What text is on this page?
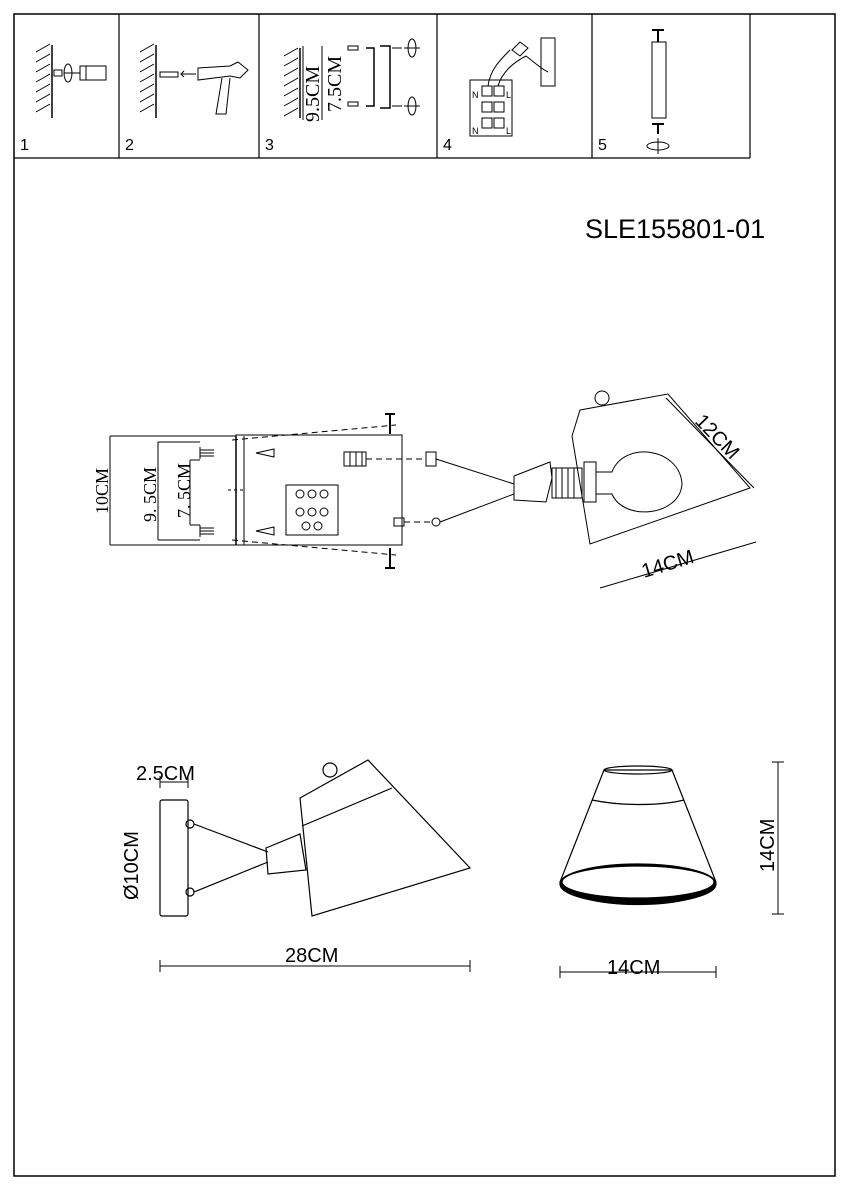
1	2	3	4	5
9.5CM 7.5CM	N	L
N	L
SLE155801-01
10CM 9. 5CM 7. 5CM
12CM
14CM
2.5CM
Ø10CM
28CM
14CM
14CM
